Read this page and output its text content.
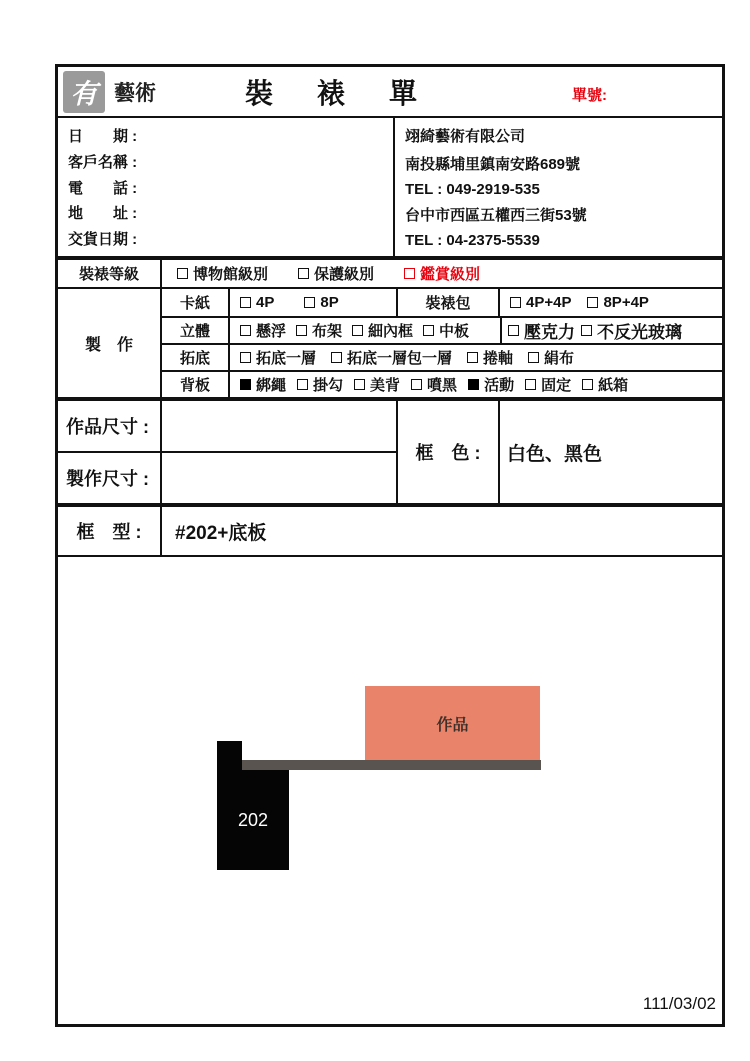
有 藝術	裝　裱　單	單號:
日　　期 :
客戶名稱 :
電　　話 :
地　　址 :
交貨日期 :
翊綺藝術有限公司
南投縣埔里鎮南安路689號
TEL : 049-2919-535
台中市西區五權西三街53號
TEL : 04-2375-5539
裝裱等級	博物館級別	保護級別	鑑賞級別
製　作
卡紙	4P	8P	裝裱包	4P+4P 8P+4P
立體	懸浮 布架 細內框 中板	壓克力 不反光玻璃
拓底	拓底一層 拓底一層包一層 捲軸 絹布
背板	綁繩 掛勾 美背 噴黑 活動 固定 紙箱
作品尺寸 :
製作尺寸 :
框　色 :	白色、黑色
框　型 :	#202+底板
作品
202
111/03/02
